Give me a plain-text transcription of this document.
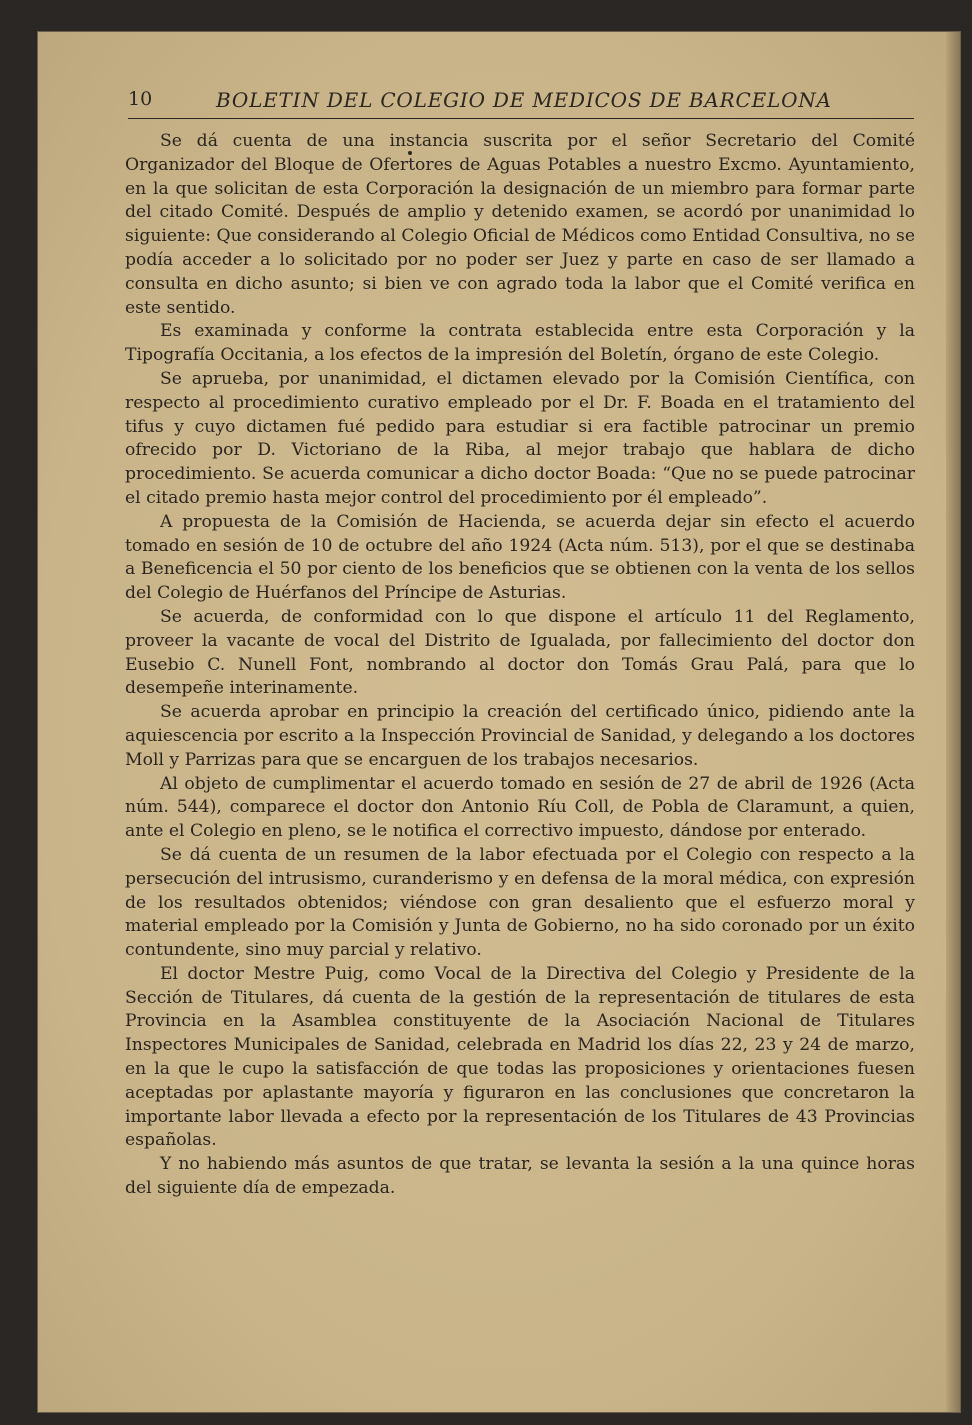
10	BOLETIN DEL COLEGIO DE MEDICOS DE BARCELONA

Se dá cuenta de una instancia suscrita por el señor Secretario del Comité Organizador del Bloque de Ofertores de Aguas Potables a nuestro Excmo. Ayuntamiento, en la que solicitan de esta Corporación la designación de un miembro para formar parte del citado Comité. Después de amplio y detenido examen, se acordó por unanimidad lo siguiente: Que considerando al Colegio Oficial de Médicos como Entidad Consultiva, no se podía acceder a lo solicitado por no poder ser Juez y parte en caso de ser llamado a consulta en dicho asunto; si bien ve con agrado toda la labor que el Comité verifica en este sentido.

Es examinada y conforme la contrata establecida entre esta Corporación y la Tipografía Occitania, a los efectos de la impresión del Boletín, órgano de este Colegio.

Se aprueba, por unanimidad, el dictamen elevado por la Comisión Científica, con respecto al procedimiento curativo empleado por el Dr. F. Boada en el tratamiento del tifus y cuyo dictamen fué pedido para estudiar si era factible patrocinar un premio ofrecido por D. Victoriano de la Riba, al mejor trabajo que hablara de dicho procedimiento. Se acuerda comunicar a dicho doctor Boada: “Que no se puede patrocinar el citado premio hasta mejor control del procedimiento por él empleado”.

A propuesta de la Comisión de Hacienda, se acuerda dejar sin efecto el acuerdo tomado en sesión de 10 de octubre del año 1924 (Acta núm. 513), por el que se destinaba a Beneficencia el 50 por ciento de los beneficios que se obtienen con la venta de los sellos del Colegio de Huérfanos del Príncipe de Asturias.

Se acuerda, de conformidad con lo que dispone el artículo 11 del Reglamento, proveer la vacante de vocal del Distrito de Igualada, por fallecimiento del doctor don Eusebio C. Nunell Font, nombrando al doctor don Tomás Grau Palá, para que lo desempeñe interinamente.

Se acuerda aprobar en principio la creación del certificado único, pidiendo ante la aquiescencia por escrito a la Inspección Provincial de Sanidad, y delegando a los doctores Moll y Parrizas para que se encarguen de los trabajos necesarios.

Al objeto de cumplimentar el acuerdo tomado en sesión de 27 de abril de 1926 (Acta núm. 544), comparece el doctor don Antonio Ríu Coll, de Pobla de Claramunt, a quien, ante el Colegio en pleno, se le notifica el correctivo impuesto, dándose por enterado.

Se dá cuenta de un resumen de la labor efectuada por el Colegio con respecto a la persecución del intrusismo, curanderismo y en defensa de la moral médica, con expresión de los resultados obtenidos; viéndose con gran desaliento que el esfuerzo moral y material empleado por la Comisión y Junta de Gobierno, no ha sido coronado por un éxito contundente, sino muy parcial y relativo.

El doctor Mestre Puig, como Vocal de la Directiva del Colegio y Presidente de la Sección de Titulares, dá cuenta de la gestión de la representación de titulares de esta Provincia en la Asamblea constituyente de la Asociación Nacional de Titulares Inspectores Municipales de Sanidad, celebrada en Madrid los días 22, 23 y 24 de marzo, en la que le cupo la satisfacción de que todas las proposiciones y orientaciones fuesen aceptadas por aplastante mayoría y figuraron en las conclusiones que concretaron la importante labor llevada a efecto por la representación de los Titulares de 43 Provincias españolas.

Y no habiendo más asuntos de que tratar, se levanta la sesión a la una quince horas del siguiente día de empezada.
